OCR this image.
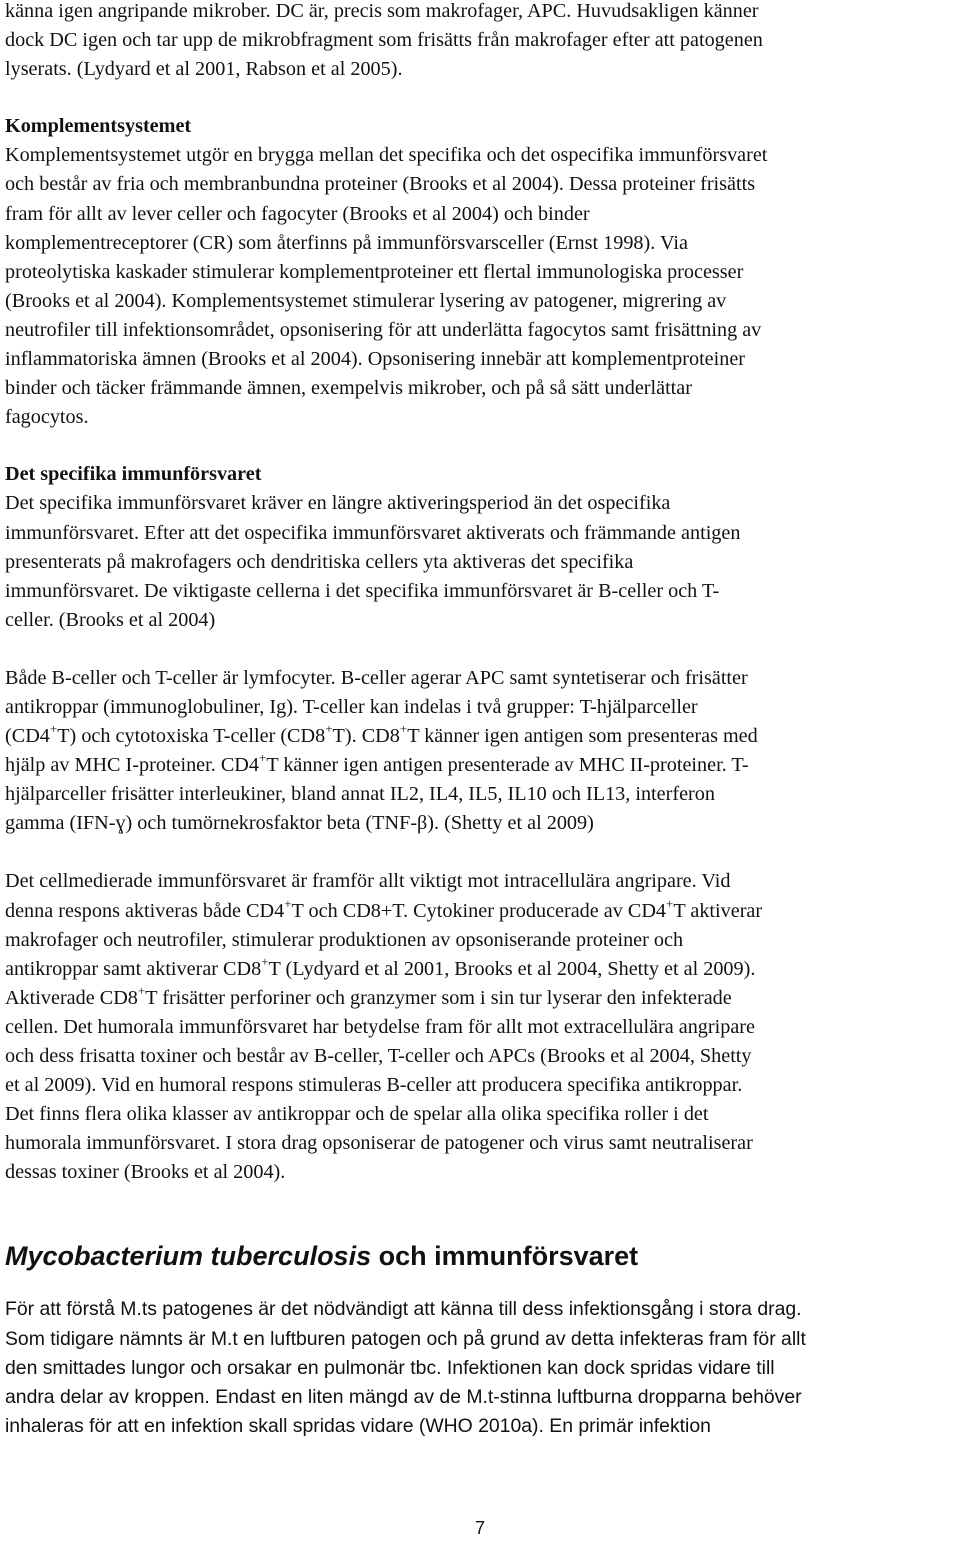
känna igen angripande mikrober. DC är, precis som makrofager, APC. Huvudsakligen känner
dock DC igen och tar upp de mikrobfragment som frisätts från makrofager efter att patogenen
lyserats. (Lydyard et al 2001, Rabson et al 2005).

Komplementsystemet
Komplementsystemet utgör en brygga mellan det specifika och det ospecifika immunförsvaret
och består av fria och membranbundna proteiner (Brooks et al 2004). Dessa proteiner frisätts
fram för allt av lever celler och fagocyter (Brooks et al 2004) och binder
komplementreceptorer (CR) som återfinns på immunförsvarsceller (Ernst 1998). Via
proteolytiska kaskader stimulerar komplementproteiner ett flertal immunologiska processer
(Brooks et al 2004). Komplementsystemet stimulerar lysering av patogener, migrering av
neutrofiler till infektionsområdet, opsonisering för att underlätta fagocytos samt frisättning av
inflammatoriska ämnen (Brooks et al 2004). Opsonisering innebär att komplementproteiner
binder och täcker främmande ämnen, exempelvis mikrober, och på så sätt underlättar
fagocytos.

Det specifika immunförsvaret
Det specifika immunförsvaret kräver en längre aktiveringsperiod än det ospecifika
immunförsvaret. Efter att det ospecifika immunförsvaret aktiverats och främmande antigen
presenterats på makrofagers och dendritiska cellers yta aktiveras det specifika
immunförsvaret. De viktigaste cellerna i det specifika immunförsvaret är B-celler och T-
celler. (Brooks et al 2004)

Både B-celler och T-celler är lymfocyter. B-celler agerar APC samt syntetiserar och frisätter
antikroppar (immunoglobuliner, Ig). T-celler kan indelas i två grupper: T-hjälparceller
(CD4+T) och cytotoxiska T-celler (CD8+T). CD8+T känner igen antigen som presenteras med
hjälp av MHC I-proteiner. CD4+T känner igen antigen presenterade av MHC II-proteiner. T-
hjälparceller frisätter interleukiner, bland annat IL2, IL4, IL5, IL10 och IL13, interferon
gamma (IFN-ɣ) och tumörnekrosfaktor beta (TNF-β). (Shetty et al 2009)

Det cellmedierade immunförsvaret är framför allt viktigt mot intracellulära angripare. Vid
denna respons aktiveras både CD4+T och CD8+T. Cytokiner producerade av CD4+T aktiverar
makrofager och neutrofiler, stimulerar produktionen av opsoniserande proteiner och
antikroppar samt aktiverar CD8+T (Lydyard et al 2001, Brooks et al 2004, Shetty et al 2009).
Aktiverade CD8+T frisätter perforiner och granzymer som i sin tur lyserar den infekterade
cellen. Det humorala immunförsvaret har betydelse fram för allt mot extracellulära angripare
och dess frisatta toxiner och består av B-celler, T-celler och APCs (Brooks et al 2004, Shetty
et al 2009). Vid en humoral respons stimuleras B-celler att producera specifika antikroppar.
Det finns flera olika klasser av antikroppar och de spelar alla olika specifika roller i det
humorala immunförsvaret. I stora drag opsoniserar de patogener och virus samt neutraliserar
dessas toxiner (Brooks et al 2004).

Mycobacterium tuberculosis och immunförsvaret

För att förstå M.ts patogenes är det nödvändigt att känna till dess infektionsgång i stora drag.
Som tidigare nämnts är M.t en luftburen patogen och på grund av detta infekteras fram för allt
den smittades lungor och orsakar en pulmonär tbc. Infektionen kan dock spridas vidare till
andra delar av kroppen. Endast en liten mängd av de M.t-stinna luftburna dropparna behöver
inhaleras för att en infektion skall spridas vidare (WHO 2010a). En primär infektion

7
